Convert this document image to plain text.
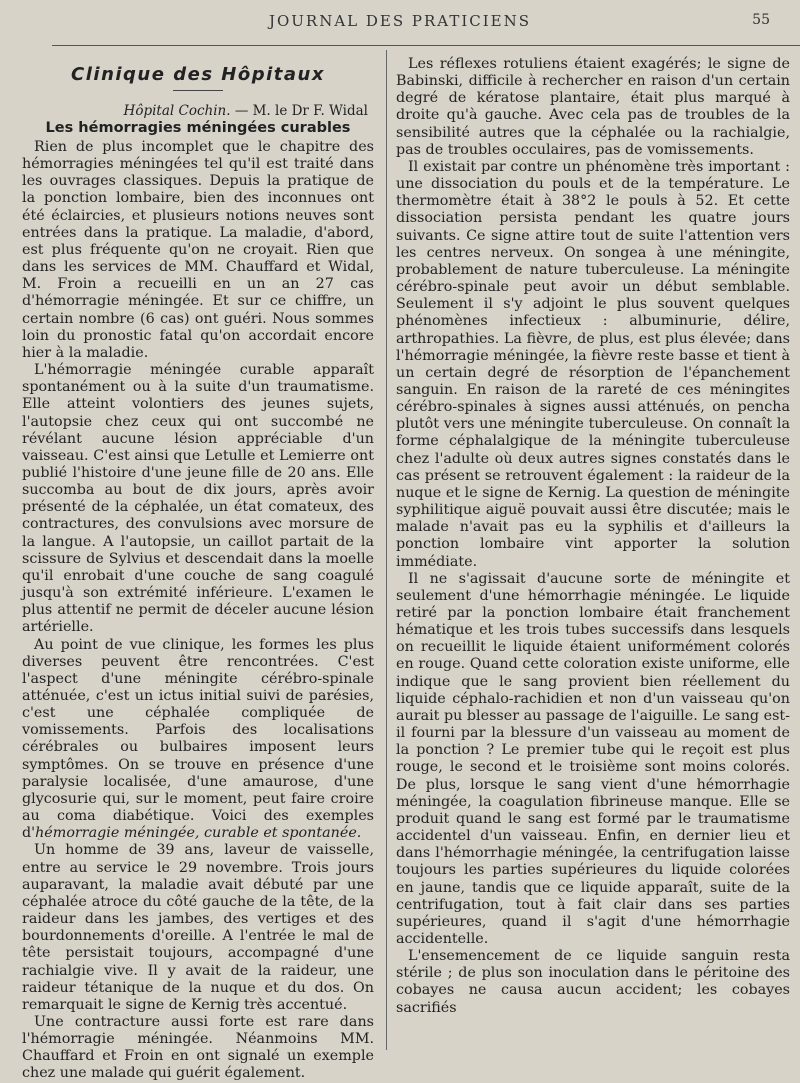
JOURNAL DES PRATICIENS	55
Clinique des Hôpitaux
Hôpital Cochin. — M. le Dr F. Widal
Les hémorragies méningées curables

Rien de plus incomplet que le chapitre des hémorragies méningées tel qu'il est traité dans les ouvrages classiques. Depuis la pratique de la ponction lombaire, bien des inconnues ont été éclaircies, et plusieurs notions neuves sont entrées dans la pratique. La maladie, d'abord, est plus fréquente qu'on ne croyait. Rien que dans les services de MM. Chauffard et Widal, M. Froin a recueilli en un an 27 cas d'hémorragie méningée. Et sur ce chiffre, un certain nombre (6 cas) ont guéri. Nous sommes loin du pronostic fatal qu'on accordait encore hier à la maladie.

L'hémorragie méningée curable apparaît spontanément ou à la suite d'un traumatisme. Elle atteint volontiers des jeunes sujets, l'autopsie chez ceux qui ont succombé ne révélant aucune lésion appréciable d'un vaisseau. C'est ainsi que Letulle et Lemierre ont publié l'histoire d'une jeune fille de 20 ans. Elle succomba au bout de dix jours, après avoir présenté de la céphalée, un état comateux, des contractures, des convulsions avec morsure de la langue. A l'autopsie, un caillot partait de la scissure de Sylvius et descendait dans la moelle qu'il enrobait d'une couche de sang coagulé jusqu'à son extrémité inférieure. L'examen le plus attentif ne permit de déceler aucune lésion artérielle.

Au point de vue clinique, les formes les plus diverses peuvent être rencontrées. C'est l'aspect d'une méningite cérébro-spinale atténuée, c'est un ictus initial suivi de parésies, c'est une céphalée compliquée de vomissements. Parfois des localisations cérébrales ou bulbaires imposent leurs symptômes. On se trouve en présence d'une paralysie localisée, d'une amaurose, d'une glycosurie qui, sur le moment, peut faire croire au coma diabétique. Voici des exemples d'hémorragie méningée, curable et spontanée.

Un homme de 39 ans, laveur de vaisselle, entre au service le 29 novembre. Trois jours auparavant, la maladie avait débuté par une céphalée atroce du côté gauche de la tête, de la raideur dans les jambes, des vertiges et des bourdonnements d'oreille. A l'entrée le mal de tête persistait toujours, accompagné d'une rachialgie vive. Il y avait de la raideur, une raideur tétanique de la nuque et du dos. On remarquait le signe de Kernig très accentué.

Une contracture aussi forte est rare dans l'hémorragie méningée. Néanmoins MM. Chauffard et Froin en ont signalé un exemple chez une malade qui guérit également.

Les réflexes rotuliens étaient exagérés; le signe de Babinski, difficile à rechercher en raison d'un certain degré de kératose plantaire, était plus marqué à droite qu'à gauche. Avec cela pas de troubles de la sensibilité autres que la céphalée ou la rachialgie, pas de troubles occulaires, pas de vomissements.

Il existait par contre un phénomène très important : une dissociation du pouls et de la température. Le thermomètre était à 38°2 le pouls à 52. Et cette dissociation persista pendant les quatre jours suivants. Ce signe attire tout de suite l'attention vers les centres nerveux. On songea à une méningite, probablement de nature tuberculeuse. La méningite cérébro-spinale peut avoir un début semblable. Seulement il s'y adjoint le plus souvent quelques phénomènes infectieux : albuminurie, délire, arthropathies. La fièvre, de plus, est plus élevée; dans l'hémorragie méningée, la fièvre reste basse et tient à un certain degré de résorption de l'épanchement sanguin. En raison de la rareté de ces méningites cérébro-spinales à signes aussi atténués, on pencha plutôt vers une méningite tuberculeuse. On connaît la forme céphalalgique de la méningite tuberculeuse chez l'adulte où deux autres signes constatés dans le cas présent se retrouvent également : la raideur de la nuque et le signe de Kernig. La question de méningite syphilitique aiguë pouvait aussi être discutée; mais le malade n'avait pas eu la syphilis et d'ailleurs la ponction lombaire vint apporter la solution immédiate.

Il ne s'agissait d'aucune sorte de méningite et seulement d'une hémorrhagie méningée. Le liquide retiré par la ponction lombaire était franchement hématique et les trois tubes successifs dans lesquels on recueillit le liquide étaient uniformément colorés en rouge. Quand cette coloration existe uniforme, elle indique que le sang provient bien réellement du liquide céphalo-rachidien et non d'un vaisseau qu'on aurait pu blesser au passage de l'aiguille. Le sang est-il fourni par la blessure d'un vaisseau au moment de la ponction ? Le premier tube qui le reçoit est plus rouge, le second et le troisième sont moins colorés. De plus, lorsque le sang vient d'une hémorrhagie méningée, la coagulation fibrineuse manque. Elle se produit quand le sang est formé par le traumatisme accidentel d'un vaisseau. Enfin, en dernier lieu et dans l'hémorrhagie méningée, la centrifugation laisse toujours les parties supérieures du liquide colorées en jaune, tandis que ce liquide apparaît, suite de la centrifugation, tout à fait clair dans ses parties supérieures, quand il s'agit d'une hémorrhagie accidentelle.

L'ensemencement de ce liquide sanguin resta stérile ; de plus son inoculation dans le péritoine des cobayes ne causa aucun accident; les cobayes sacrifiés
